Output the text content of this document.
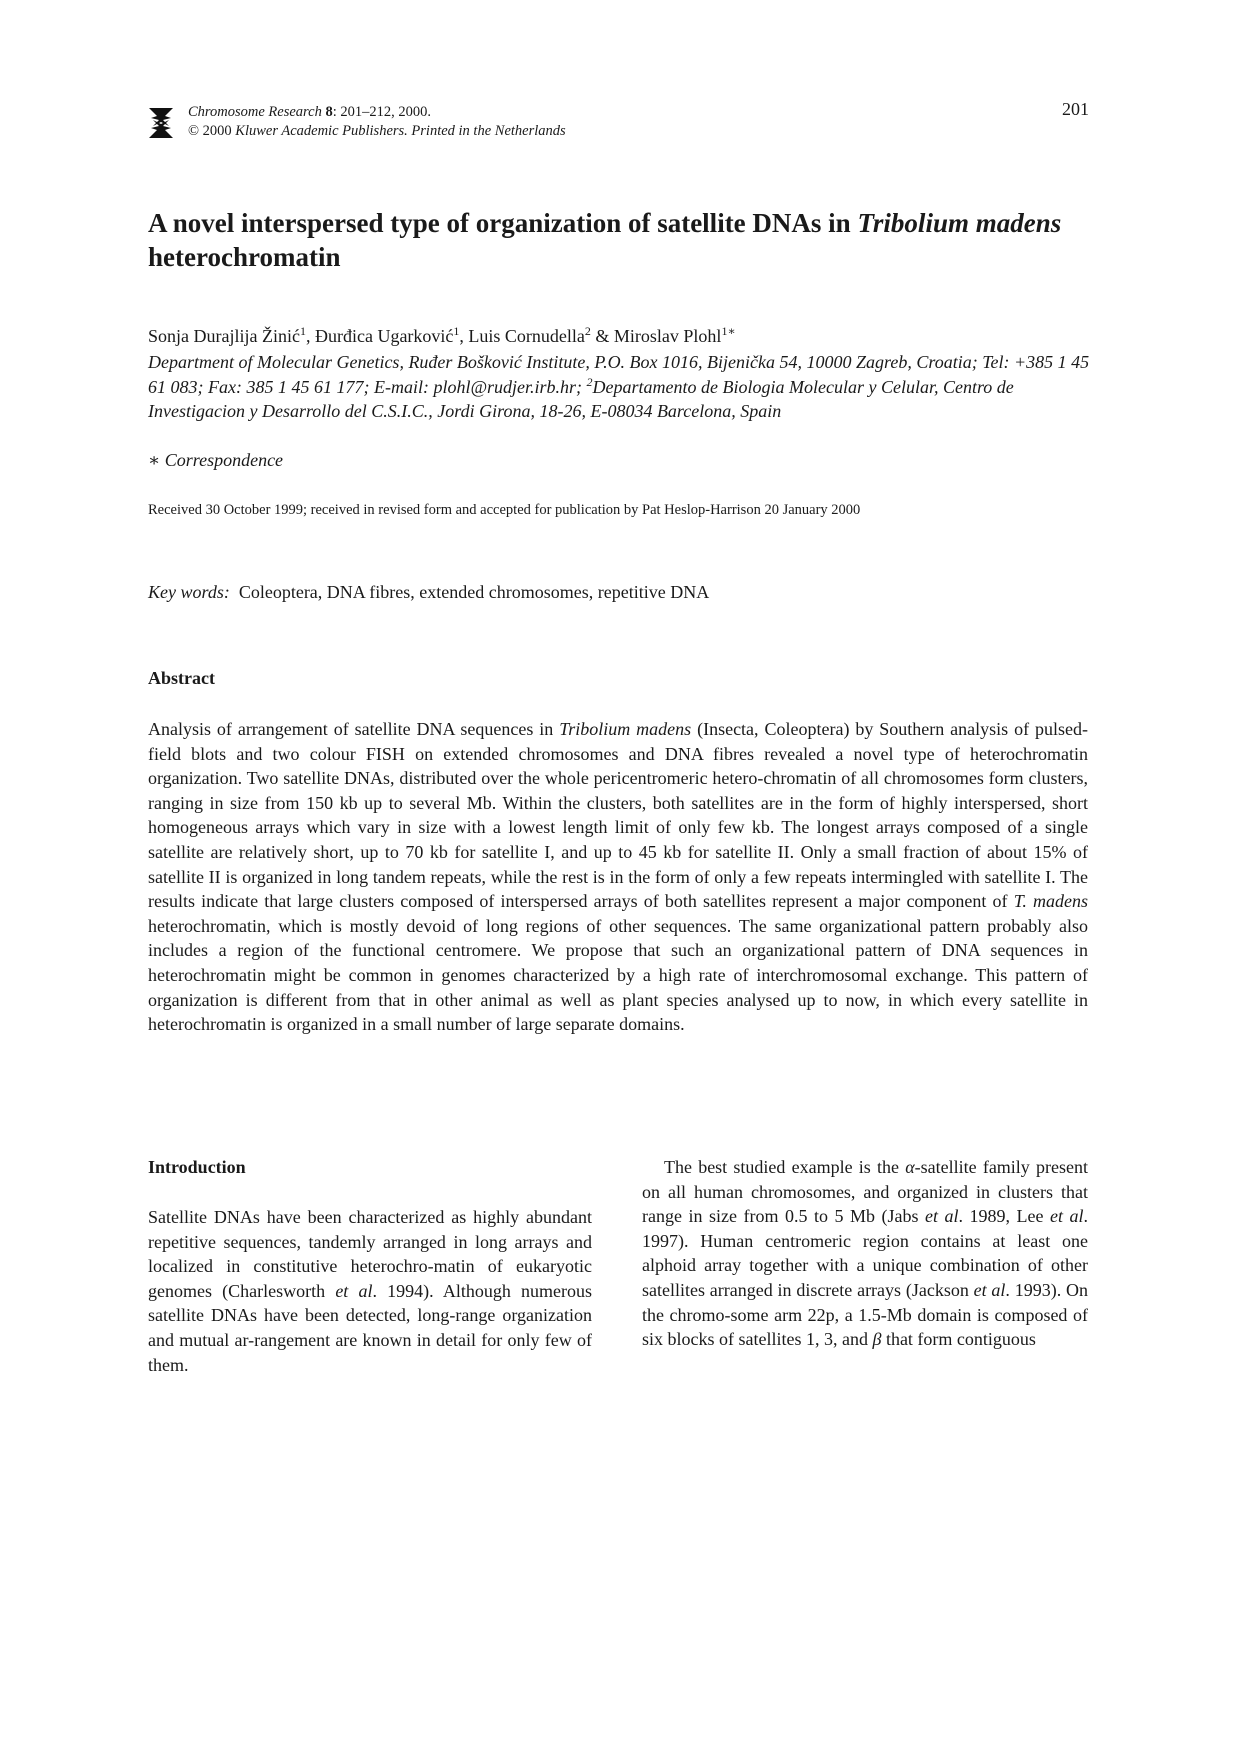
Chromosome Research 8: 201–212, 2000.
© 2000 Kluwer Academic Publishers. Printed in the Netherlands
201
A novel interspersed type of organization of satellite DNAs in Tribolium madens heterochromatin
Sonja Durajlija Žinić$^1$, Ðurđica Ugarković$^1$, Luis Cornudella$^2$ & Miroslav Plohl$^{1∗}$
Department of Molecular Genetics, Ruđer Bošković Institute, P.O. Box 1016, Bijenička 54, 10000 Zagreb, Croatia; Tel: +385 1 45 61 083; Fax: 385 1 45 61 177; E-mail: plohl@rudjer.irb.hr; $^2$Departamento de Biologia Molecular y Celular, Centro de Investigacion y Desarrollo del C.S.I.C., Jordi Girona, 18-26, E-08034 Barcelona, Spain
∗ Correspondence
Received 30 October 1999; received in revised form and accepted for publication by Pat Heslop-Harrison 20 January 2000
Key words: Coleoptera, DNA fibres, extended chromosomes, repetitive DNA
Abstract
Analysis of arrangement of satellite DNA sequences in Tribolium madens (Insecta, Coleoptera) by Southern analysis of pulsed-field blots and two colour FISH on extended chromosomes and DNA fibres revealed a novel type of heterochromatin organization. Two satellite DNAs, distributed over the whole pericentromeric hetero-chromatin of all chromosomes form clusters, ranging in size from 150 kb up to several Mb. Within the clusters, both satellites are in the form of highly interspersed, short homogeneous arrays which vary in size with a lowest length limit of only few kb. The longest arrays composed of a single satellite are relatively short, up to 70 kb for satellite I, and up to 45 kb for satellite II. Only a small fraction of about 15% of satellite II is organized in long tandem repeats, while the rest is in the form of only a few repeats intermingled with satellite I. The results indicate that large clusters composed of interspersed arrays of both satellites represent a major component of T. madens heterochromatin, which is mostly devoid of long regions of other sequences. The same organizational pattern probably also includes a region of the functional centromere. We propose that such an organizational pattern of DNA sequences in heterochromatin might be common in genomes characterized by a high rate of interchromosomal exchange. This pattern of organization is different from that in other animal as well as plant species analysed up to now, in which every satellite in heterochromatin is organized in a small number of large separate domains.
Introduction
Satellite DNAs have been characterized as highly abundant repetitive sequences, tandemly arranged in long arrays and localized in constitutive heterochro-matin of eukaryotic genomes (Charlesworth et al. 1994). Although numerous satellite DNAs have been detected, long-range organization and mutual ar-rangement are known in detail for only few of them.
The best studied example is the α-satellite family present on all human chromosomes, and organized in clusters that range in size from 0.5 to 5 Mb (Jabs et al. 1989, Lee et al. 1997). Human centromeric region contains at least one alphoid array together with a unique combination of other satellites arranged in discrete arrays (Jackson et al. 1993). On the chromo-some arm 22p, a 1.5-Mb domain is composed of six blocks of satellites 1, 3, and β that form contiguous
